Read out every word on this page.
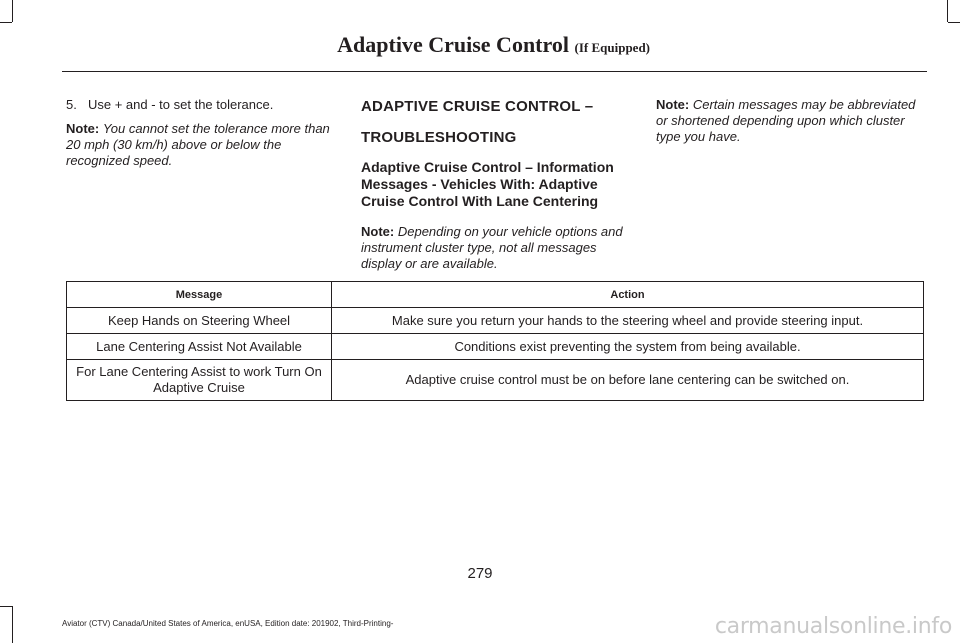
Adaptive Cruise Control (If Equipped)

5. Use + and - to set the tolerance.

Note: You cannot set the tolerance more than 20 mph (30 km/h) above or below the recognized speed.

ADAPTIVE CRUISE CONTROL –
TROUBLESHOOTING
Adaptive Cruise Control – Information Messages - Vehicles With: Adaptive Cruise Control With Lane Centering

Note: Depending on your vehicle options and instrument cluster type, not all messages display or are available.

Note: Certain messages may be abbreviated or shortened depending upon which cluster type you have.

Message	Action
Keep Hands on Steering Wheel	Make sure you return your hands to the steering wheel and provide steering input.
Lane Centering Assist Not Available	Conditions exist preventing the system from being available.
For Lane Centering Assist to work Turn On Adaptive Cruise	Adaptive cruise control must be on before lane centering can be switched on.
279
Aviator (CTV) Canada/United States of America, enUSA, Edition date: 201902, Third-Printing-	carmanualsonline.info
